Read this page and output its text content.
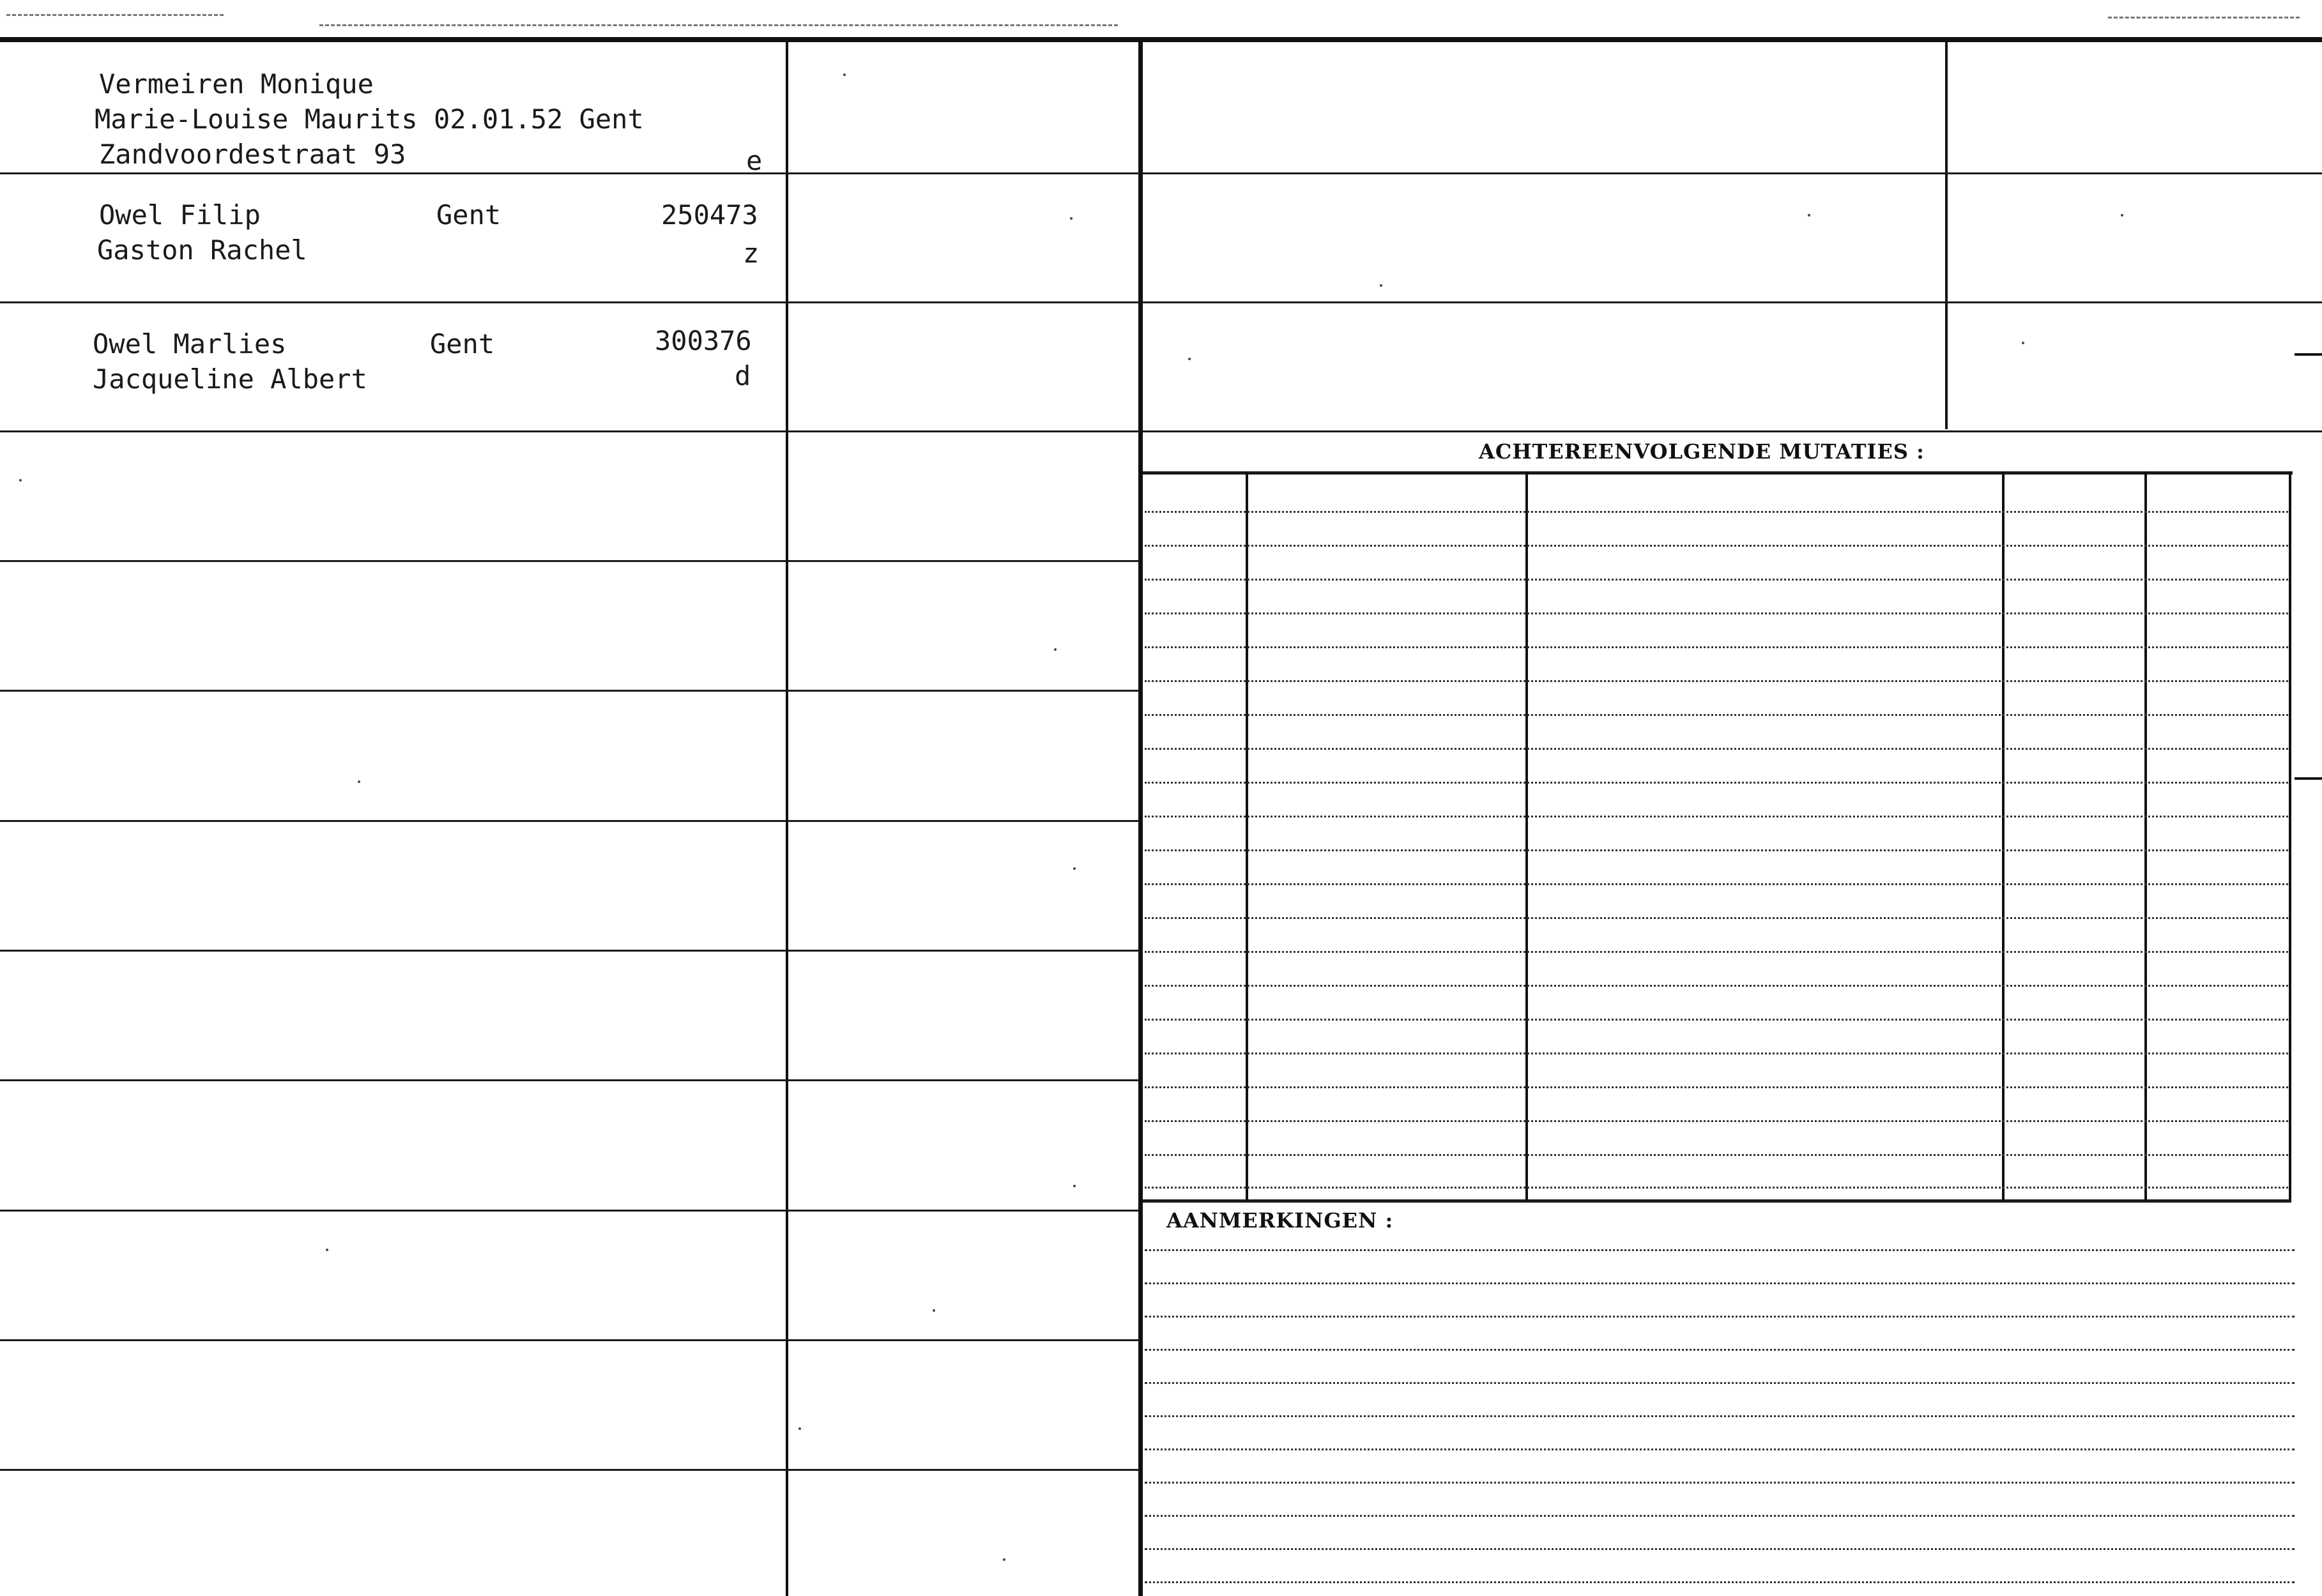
Vermeiren Monique
Marie-Louise Maurits 02.01.52 Gent
Zandvoordestraat 93	e
Owel Filip	Gent	250473
Gaston Rachel	z
Owel Marlies	Gent	300376
Jacqueline Albert	d
ACHTEREENVOLGENDE MUTATIES :
AANMERKINGEN :
